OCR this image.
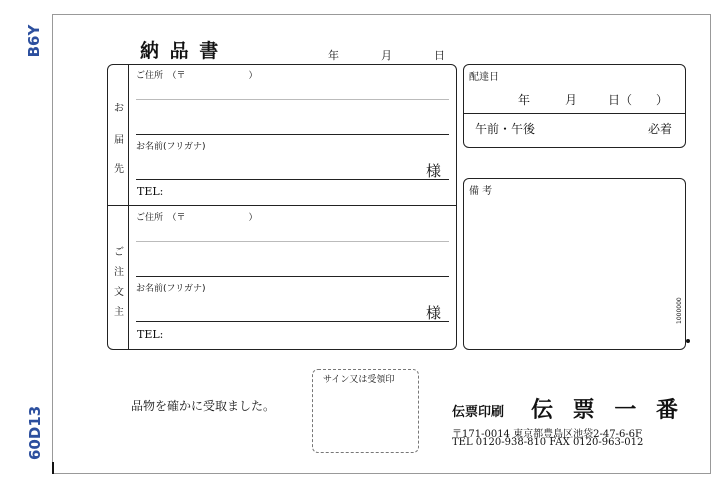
B6Y
60D13
納 品 書	年	月	日
お
届
先
ご住所　（〒　　　　　　　）
お名前(フリガナ)
様
TEL:
ご
注
文
主
ご住所　（〒　　　　　　　）
お名前(フリガナ)
様
TEL:
配達日
年	月	日（　　）
午前・午後	必着
備 考
1000000
品物を確かに受取ました。
サイン又は受領印
伝票印刷 伝 票 一 番
〒171-0014 東京都豊島区池袋2-47-6-6F
TEL 0120-938-810 FAX 0120-963-012
